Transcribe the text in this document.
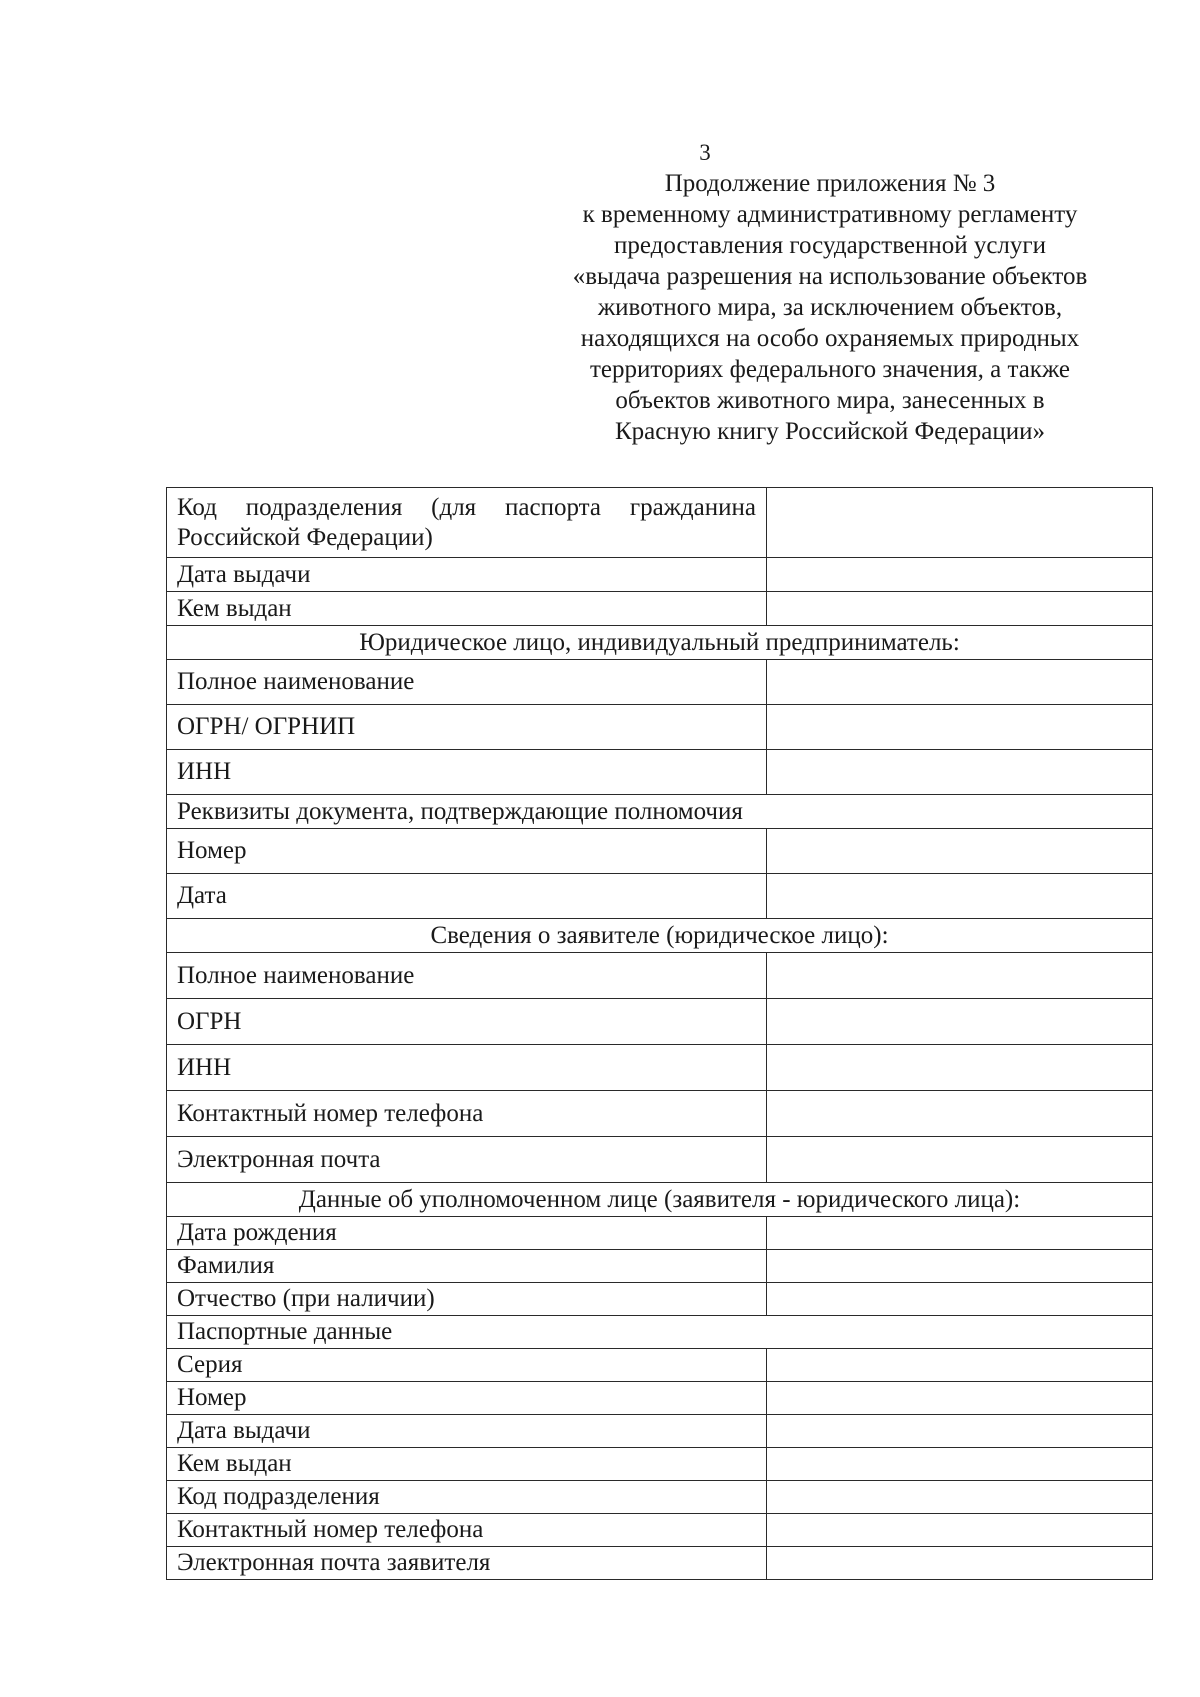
3
Продолжение приложения № 3
к временному административному регламенту
предоставления государственной услуги
«выдача разрешения на использование объектов
животного мира, за исключением объектов,
находящихся на особо охраняемых природных
территориях федерального значения, а также
объектов животного мира, занесенных в
Красную книгу Российской Федерации»
Код подразделения (для паспорта гражданина
Российской Федерации)	
Дата выдачи	
Кем выдан	
Юридическое лицо, индивидуальный предприниматель:	
Полное наименование	
ОГРН/ ОГРНИП	
ИНН	
Реквизиты документа, подтверждающие полномочия	
Номер	
Дата	
Сведения о заявителе (юридическое лицо):	
Полное наименование	
ОГРН	
ИНН	
Контактный номер телефона	
Электронная почта	
Данные об уполномоченном лице (заявителя - юридического лица):	
Дата рождения	
Фамилия	
Отчество (при наличии)	
Паспортные данные	
Серия	
Номер	
Дата выдачи	
Кем выдан	
Код подразделения	
Контактный номер телефона	
Электронная почта заявителя	
